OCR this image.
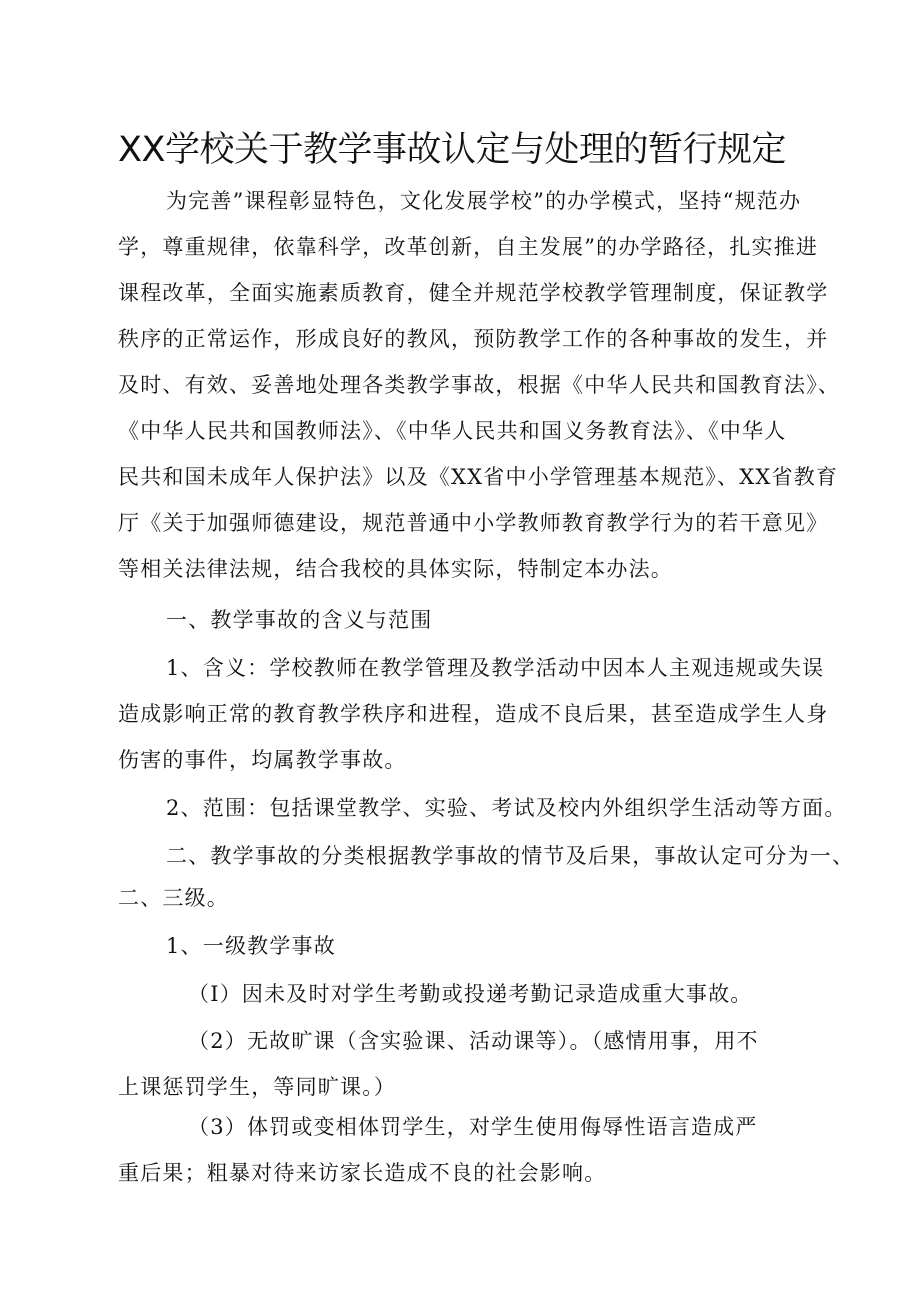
XX学校关于教学事故认定与处理的暂行规定

为完善”课程彰显特色，文化发展学校”的办学模式，坚持“规范办

学，尊重规律，依靠科学，改革创新，自主发展”的办学路径，扎实推进

课程改革，全面实施素质教育，健全并规范学校教学管理制度，保证教学

秩序的正常运作，形成良好的教风，预防教学工作的各种事故的发生，并

及时、有效、妥善地处理各类教学事故，根据《中华人民共和国教育法》、

《中华人民共和国教师法》、《中华人民共和国义务教育法》、《中华人

民共和国未成年人保护法》以及《XX省中小学管理基本规范》、XX省教育

厅《关于加强师德建设，规范普通中小学教师教育教学行为的若干意见》

等相关法律法规，结合我校的具体实际，特制定本办法。

一、教学事故的含义与范围

1、含义：学校教师在教学管理及教学活动中因本人主观违规或失误

造成影响正常的教育教学秩序和进程，造成不良后果，甚至造成学生人身

伤害的事件，均属教学事故。

2、范围：包括课堂教学、实验、考试及校内外组织学生活动等方面。

二、教学事故的分类根据教学事故的情节及后果，事故认定可分为一、

二、三级。

1、一级教学事故

（I）因未及时对学生考勤或投递考勤记录造成重大事故。

（2）无故旷课（含实验课、活动课等）。（感情用事，用不

上课惩罚学生，等同旷课。）

（3）体罚或变相体罚学生，对学生使用侮辱性语言造成严

重后果；粗暴对待来访家长造成不良的社会影响。
